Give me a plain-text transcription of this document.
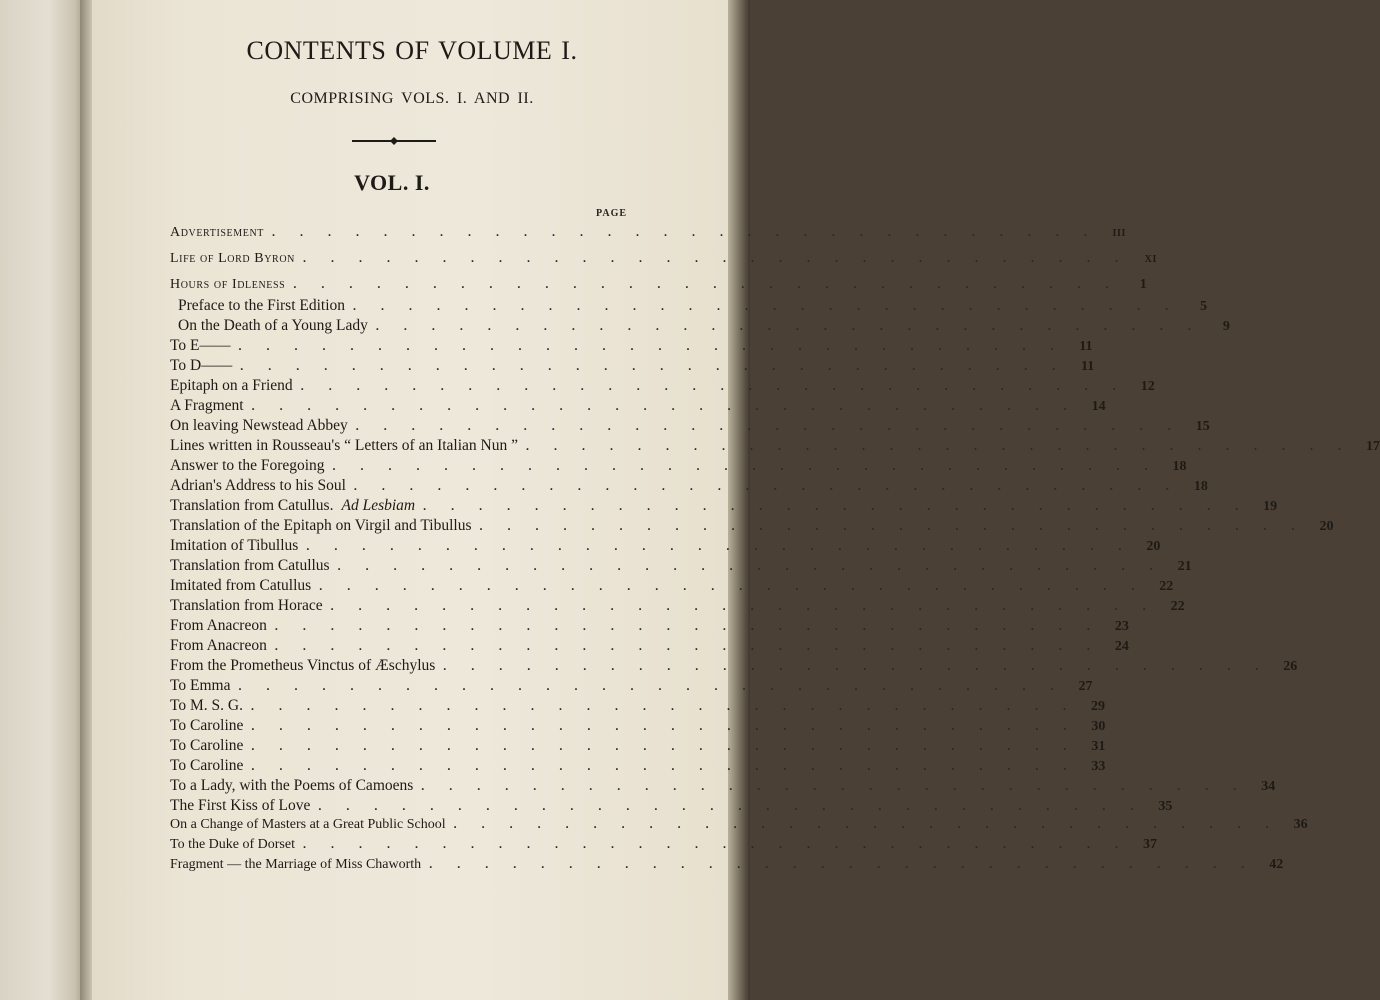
CONTENTS OF VOLUME I.
COMPRISING VOLS. I. AND II.
VOL. I.
PAGE
Advertisement . . . . . . . . . . . . . . . . . . . . . . . . . . . . . .	iii
Life of Lord Byron . . . . . . . . . . . . . . . . . . . . . . . . . . . . . .	xi
Hours of Idleness . . . . . . . . . . . . . . . . . . . . . . . . . . . . . .	1
Preface to the First Edition . . . . . . . . . . . . . . . . . . . . . . . . . . . . . .	5
On the Death of a Young Lady . . . . . . . . . . . . . . . . . . . . . . . . . . . . . .	9
To E—— . . . . . . . . . . . . . . . . . . . . . . . . . . . . . .	11
To D—— . . . . . . . . . . . . . . . . . . . . . . . . . . . . . .	11
Epitaph on a Friend . . . . . . . . . . . . . . . . . . . . . . . . . . . . . .	12
A Fragment . . . . . . . . . . . . . . . . . . . . . . . . . . . . . .	14
On leaving Newstead Abbey . . . . . . . . . . . . . . . . . . . . . . . . . . . . . .	15
Lines written in Rousseau's “ Letters of an Italian Nun ” . . . . . . . . . . . . . . . . . . . . . . . . . . . . . .	17
Answer to the Foregoing . . . . . . . . . . . . . . . . . . . . . . . . . . . . . .	18
Adrian's Address to his Soul . . . . . . . . . . . . . . . . . . . . . . . . . . . . . .	18
Translation from Catullus. Ad Lesbiam . . . . . . . . . . . . . . . . . . . . . . . . . . . . . .	19
Translation of the Epitaph on Virgil and Tibullus . . . . . . . . . . . . . . . . . . . . . . . . . . . . . .	20
Imitation of Tibullus . . . . . . . . . . . . . . . . . . . . . . . . . . . . . .	20
Translation from Catullus . . . . . . . . . . . . . . . . . . . . . . . . . . . . . .	21
Imitated from Catullus . . . . . . . . . . . . . . . . . . . . . . . . . . . . . .	22
Translation from Horace . . . . . . . . . . . . . . . . . . . . . . . . . . . . . .	22
From Anacreon . . . . . . . . . . . . . . . . . . . . . . . . . . . . . .	23
From Anacreon . . . . . . . . . . . . . . . . . . . . . . . . . . . . . .	24
From the Prometheus Vinctus of Æschylus . . . . . . . . . . . . . . . . . . . . . . . . . . . . . .	26
To Emma . . . . . . . . . . . . . . . . . . . . . . . . . . . . . .	27
To M. S. G. . . . . . . . . . . . . . . . . . . . . . . . . . . . . . .	29
To Caroline . . . . . . . . . . . . . . . . . . . . . . . . . . . . . .	30
To Caroline . . . . . . . . . . . . . . . . . . . . . . . . . . . . . .	31
To Caroline . . . . . . . . . . . . . . . . . . . . . . . . . . . . . .	33
To a Lady, with the Poems of Camoens . . . . . . . . . . . . . . . . . . . . . . . . . . . . . .	34
The First Kiss of Love . . . . . . . . . . . . . . . . . . . . . . . . . . . . . .	35
On a Change of Masters at a Great Public School . . . . . . . . . . . . . . . . . . . . . . . . . . . . . .	36
To the Duke of Dorset . . . . . . . . . . . . . . . . . . . . . . . . . . . . . .	37
Fragment — the Marriage of Miss Chaworth . . . . . . . . . . . . . . . . . . . . . . . . . . . . . .	42
